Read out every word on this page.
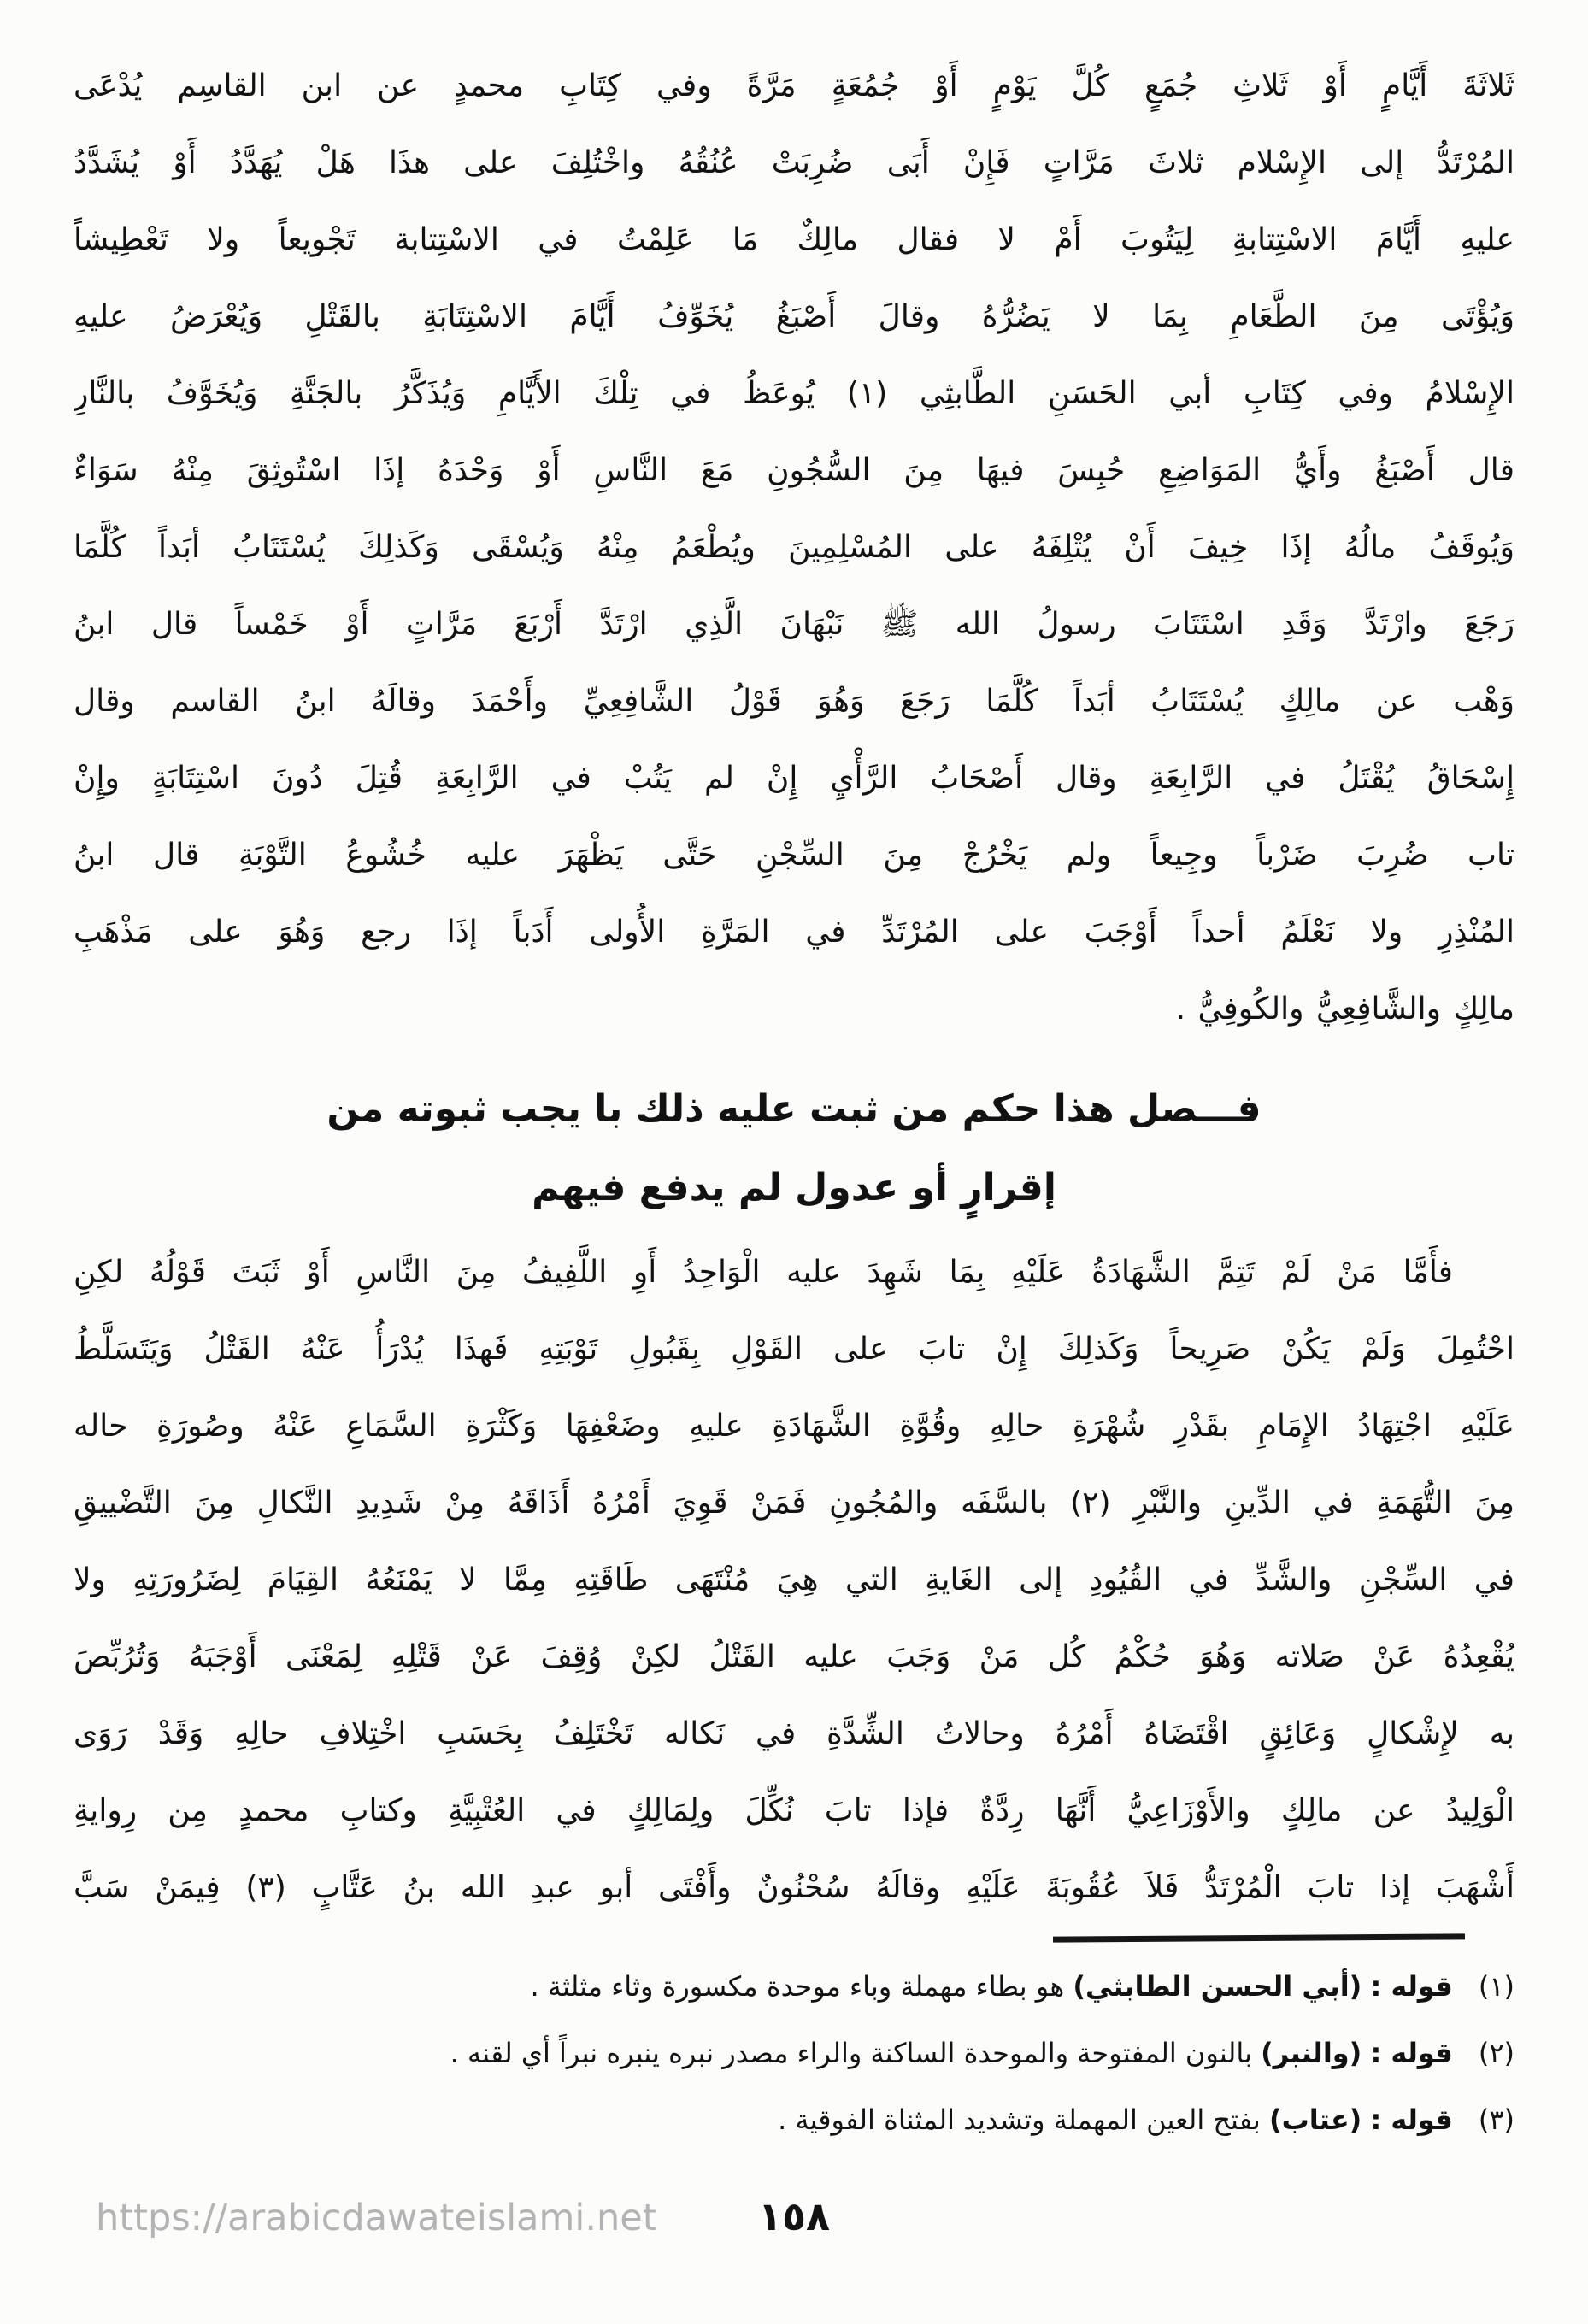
ثَلاثَةَ أَيَّامٍ أَوْ ثَلاثِ جُمَعٍ كُلَّ يَوْمٍ أَوْ جُمُعَةٍ مَرَّةً وفي كِتَابِ محمدٍ عن ابن القاسِم يُدْعَى
المُرْتَدُّ إلى الإِسْلام ثلاثَ مَرَّاتٍ فَإِنْ أَبَى ضُرِبَتْ عُنُقُهُ واخْتُلِفَ على هذَا هَلْ يُهَدَّدُ أَوْ يُشَدَّدُ
عليهِ أَيَّامَ الاسْتِتابةِ لِيَتُوبَ أَمْ لا فقال مالِكٌ مَا عَلِمْتُ في الاسْتِتابة تَجْويعاً ولا تَعْطِيشاً
وَيُؤْتَى مِنَ الطَّعَامِ بِمَا لا يَضُرُّهُ وقالَ أَصْبَغُ يُخَوِّفُ أَيَّامَ الاسْتِتَابَةِ بالقَتْلِ وَيُعْرَضُ عليهِ
الإِسْلامُ وفي كِتَابِ أبي الحَسَنِ الطَّابثِي (١) يُوعَظُ في تِلْكَ الأَيَّامِ وَيُذَكَّرُ بالجَنَّةِ وَيُخَوَّفُ بالنَّارِ
قال أَصْبَغُ وأَيُّ المَوَاضِعِ حُبِسَ فيهَا مِنَ السُّجُونِ مَعَ النَّاسِ أَوْ وَحْدَهُ إذَا اسْتُوثِقَ مِنْهُ سَوَاءٌ
وَيُوقَفُ مالُهُ إذَا خِيفَ أَنْ يُتْلِفَهُ على المُسْلِمِينَ ويُطْعَمُ مِنْهُ وَيُسْقَى وَكَذلِكَ يُسْتَتَابُ أبَداً كُلَّمَا
رَجَعَ وارْتَدَّ وَقَدِ اسْتَتَابَ رسولُ الله ﷺ نَبْهَانَ الَّذِي ارْتَدَّ أَرْبَعَ مَرَّاتٍ أَوْ خَمْساً قال ابنُ
وَهْب عن مالِكٍ يُسْتَتَابُ أبَداً كُلَّمَا رَجَعَ وَهُوَ قَوْلُ الشَّافِعِيِّ وأَحْمَدَ وقالَهُ ابنُ القاسم وقال
إِسْحَاقُ يُقْتَلُ في الرَّابِعَةِ وقال أَصْحَابُ الرَّأْيِ إِنْ لم يَتُبْ في الرَّابِعَةِ قُتِلَ دُونَ اسْتِتَابَةٍ وإِنْ
تاب ضُرِبَ ضَرْباً وجِيعاً ولم يَخْرُجْ مِنَ السِّجْنِ حَتَّى يَظْهَرَ عليه خُشُوعُ التَّوْبَةِ قال ابنُ
المُنْذِرِ ولا نَعْلَمُ أحداً أَوْجَبَ على المُرْتَدِّ في المَرَّةِ الأُولى أَدَباً إذَا رجع وَهُوَ على مَذْهَبِ
مالِكٍ والشَّافِعِيُّ والكُوفِيُّ .
فـــصل هذا حكم من ثبت عليه ذلك با يجب ثبوته من
إقرارٍ أو عدول لم يدفع فيهم
فأَمَّا مَنْ لَمْ تَتِمَّ الشَّهَادَةُ عَلَيْهِ بِمَا شَهِدَ عليه الْوَاحِدُ أَوِ اللَّفِيفُ مِنَ النَّاسِ أَوْ ثَبَتَ قَوْلُهُ لكِنِ
احْتُمِلَ وَلَمْ يَكُنْ صَرِيحاً وَكَذلِكَ إِنْ تابَ على القَوْلِ بِقَبُولِ تَوْبَتِهِ فَهذَا يُدْرَأُ عَنْهُ القَتْلُ وَيَتَسَلَّطُ
عَلَيْهِ اجْتِهَادُ الإِمَامِ بقَدْرِ شُهْرَةِ حالِهِ وقُوَّةِ الشَّهَادَةِ عليهِ وضَعْفِهَا وَكَثْرَةِ السَّمَاعِ عَنْهُ وصُورَةِ حاله
مِنَ التُّهَمَةِ في الدِّينِ والنَّبْرِ (٢) بالسَّفَه والمُجُونِ فَمَنْ قَوِيَ أَمْرُهُ أَذَاقَهُ مِنْ شَدِيدِ النَّكالِ مِنَ التَّضْييقِ
في السِّجْنِ والشَّدِّ في القُيُودِ إلى الغَايةِ التي هِيَ مُنْتَهَى طَاقَتِهِ مِمَّا لا يَمْنَعُهُ القِيَامَ لِضَرُورَتِهِ ولا
يُقْعِدُهُ عَنْ صَلاته وَهُوَ حُكْمُ كُل مَنْ وَجَبَ عليه القَتْلُ لكِنْ وُقِفَ عَنْ قَتْلِهِ لِمَعْنَى أَوْجَبَهُ وَتُرُبِّصَ
به لإِشْكالٍ وَعَائِقٍ اقْتَضَاهُ أَمْرُهُ وحالاتُ الشِّدَّةِ في نَكاله تَخْتَلِفُ بِحَسَبِ اخْتِلافِ حالِهِ وَقَدْ رَوَى
الْوَلِيدُ عن مالِكٍ والأَوْزَاعِيُّ أَنَّهَا رِدَّةٌ فإذا تابَ نُكِّلَ ولِمَالِكٍ في العُتْبِيَّةِ وكتابِ محمدٍ مِن رِوايةِ
أَشْهَبَ إذا تابَ الْمُرْتَدُّ فَلاَ عُقُوبَةَ عَلَيْهِ وقالَهُ سُحْنُونٌ وأَفْتَى أبو عبدِ الله بنُ عَتَّابٍ (٣) فِيمَنْ سَبَّ
(١)
قوله : (أبي الحسن الطابثي) هو بطاء مهملة وباء موحدة مكسورة وثاء مثلثة .
(٢)
قوله : (والنبر) بالنون المفتوحة والموحدة الساكنة والراء مصدر نبره ينبره نبراً أي لقنه .
(٣)
قوله : (عتاب) بفتح العين المهملة وتشديد المثناة الفوقية .
١٥٨
https://arabicdawateislami.net
